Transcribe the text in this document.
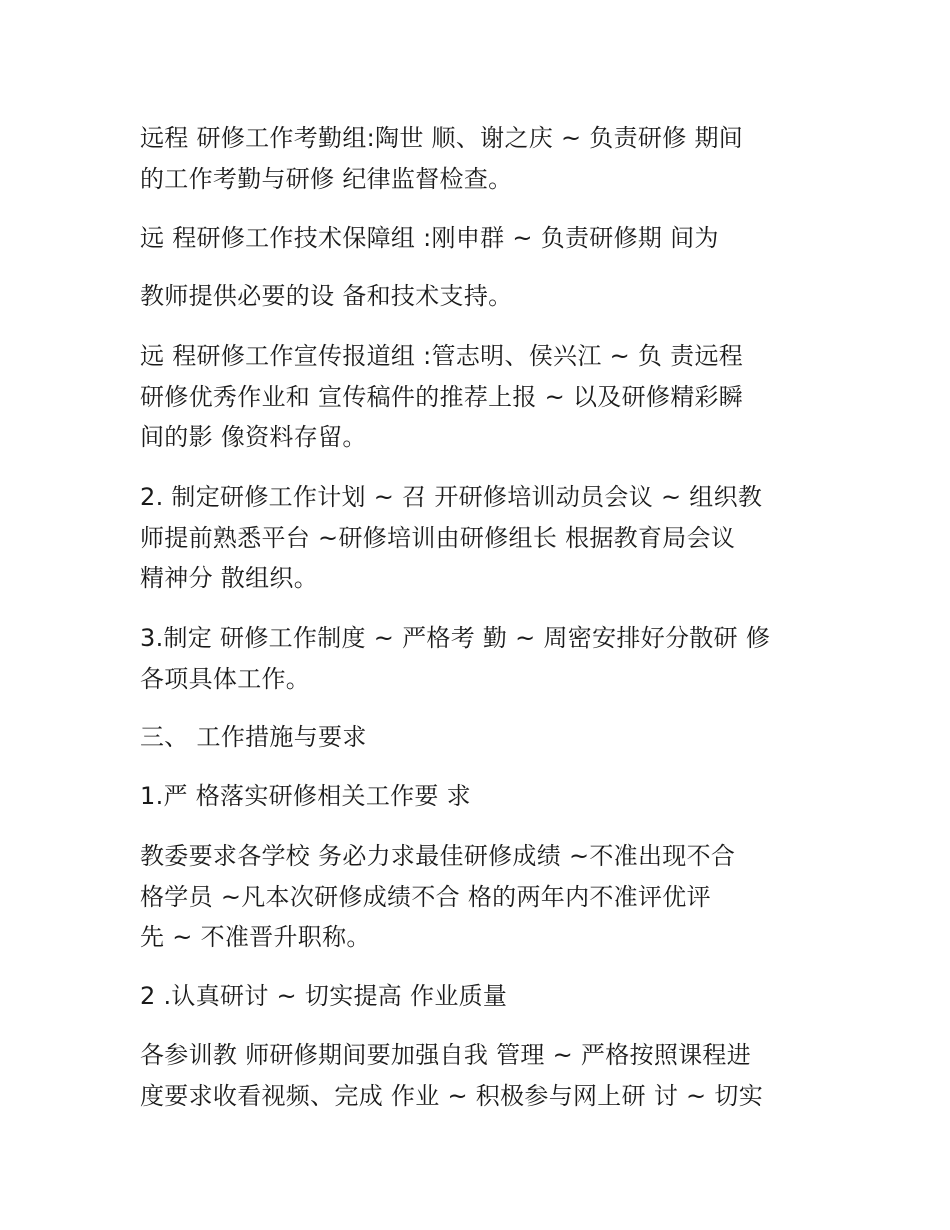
远程 研修工作考勤组:陶世 顺、谢之庆 ~ 负责研修 期间
的工作考勤与研修 纪律监督检查。

远 程研修工作技术保障组 :刚申群 ~ 负责研修期 间为

教师提供必要的设 备和技术支持。

远 程研修工作宣传报道组 :管志明、侯兴江 ~ 负 责远程
研修优秀作业和 宣传稿件的推荐上报 ~ 以及研修精彩瞬
间的影 像资料存留。

2. 制定研修工作计划 ~ 召 开研修培训动员会议 ~ 组织教
师提前熟悉平台 ~研修培训由研修组长 根据教育局会议
精神分 散组织。

3.制定 研修工作制度 ~ 严格考 勤 ~ 周密安排好分散研 修
各项具体工作。

三、 工作措施与要求

1.严 格落实研修相关工作要 求

教委要求各学校 务必力求最佳研修成绩 ~不准出现不合
格学员 ~凡本次研修成绩不合 格的两年内不准评优评
先 ~ 不准晋升职称。

2 .认真研讨 ~ 切实提高 作业质量

各参训教 师研修期间要加强自我 管理 ~ 严格按照课程进
度要求收看视频、完成 作业 ~ 积极参与网上研 讨 ~ 切实
